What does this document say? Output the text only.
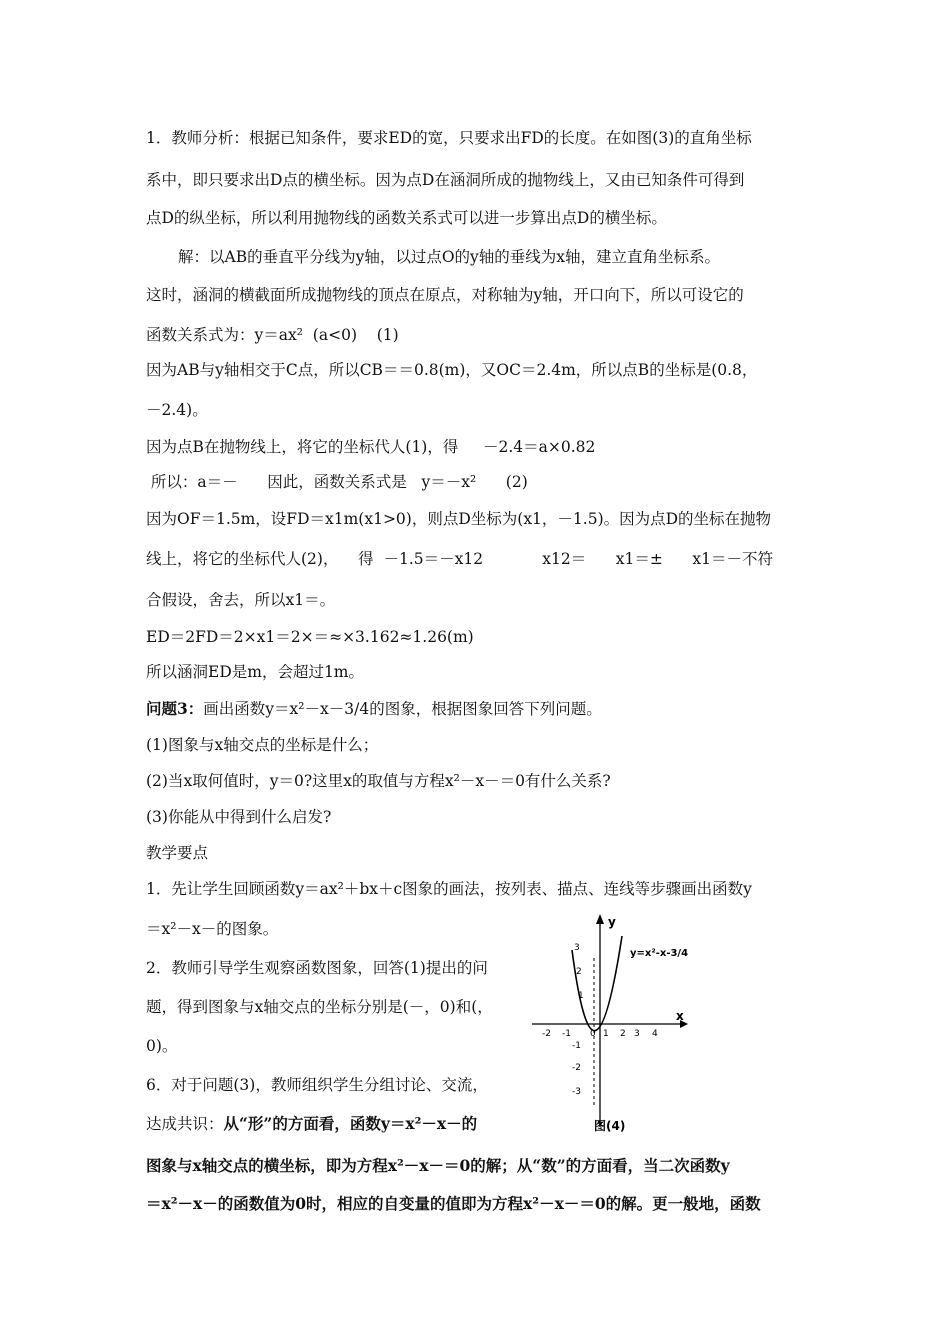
1．教师分析：根据已知条件，要求ED的宽，只要求出FD的长度。在如图(3)的直角坐标
系中，即只要求出D点的横坐标。因为点D在涵洞所成的抛物线上，又由已知条件可得到
点D的纵坐标，所以利用抛物线的函数关系式可以进一步算出点D的横坐标。
解：以AB的垂直平分线为y轴，以过点O的y轴的垂线为x轴，建立直角坐标系。
这时，涵洞的横截面所成抛物线的顶点在原点，对称轴为y轴，开口向下，所以可设它的
函数关系式为：y＝ax²  (a<0)    (1)
因为AB与y轴相交于C点，所以CB＝＝0.8(m)，又OC＝2.4m，所以点B的坐标是(0.8，
－2.4)。
因为点B在抛物线上，将它的坐标代人(1)，得     －2.4＝a×0.82
所以：a＝－      因此，函数关系式是   y＝－x²      (2)
因为OF＝1.5m，设FD＝x1m(x1>0)，则点D坐标为(x1，－1.5)。因为点D的坐标在抛物
线上，将它的坐标代人(2)，    得  －1.5＝－x12            x12＝      x1＝±      x1＝－不符
合假设，舍去，所以x1＝。
ED＝2FD＝2×x1＝2×＝≈×3.162≈1.26(m)
所以涵洞ED是m，会超过1m。
问题3：画出函数y＝x²－x－3/4的图象，根据图象回答下列问题。
(1)图象与x轴交点的坐标是什么；
(2)当x取何值时，y＝0?这里x的取值与方程x²－x－＝0有什么关系?
(3)你能从中得到什么启发?
教学要点
1．先让学生回顾函数y＝ax²＋bx＋c图象的画法，按列表、描点、连线等步骤画出函数y
＝x²－x－的图象。
2．教师引导学生观察函数图象，回答(1)提出的问
题，得到图象与x轴交点的坐标分别是(－，0)和(，
0)。
6．对于问题(3)，教师组织学生分组讨论、交流，
达成共识：从“形”的方面看，函数y＝x²－x－的
图象与x轴交点的横坐标，即为方程x²－x－＝0的解；从“数”的方面看，当二次函数y
＝x²－x－的函数值为0时，相应的自变量的值即为方程x²－x－＝0的解。更一般地，函数
y
x
-2 -1 0 1 2 3 4
3
2
1
-1
-2
-3
y=x²-x-3/4
图(4)
